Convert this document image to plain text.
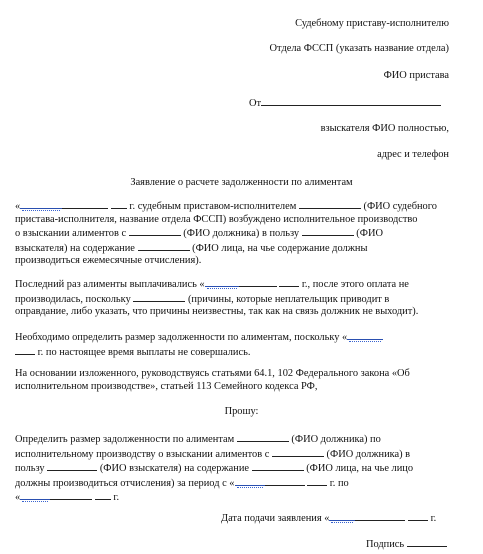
Судебному приставу-исполнителю
Отдела ФССП (указать название отдела)
ФИО пристава
От
взыскателя ФИО полностью,
адрес и телефон
Заявление о расчете задолженности по алиментам
«	г. судебным приставом-исполнителем	(ФИО судебного
пристава-исполнителя, название отдела ФССП) возбуждено исполнительное производство
о взыскании алиментов с	(ФИО должника) в пользу	(ФИО
взыскателя) на содержание	(ФИО лица, на чье содержание должны
производиться ежемесячные отчисления).
Последний раз алименты выплачивались «	г., после этого оплата не
производилась, поскольку	(причины, которые неплательщик приводит в
оправдание, либо указать, что причины неизвестны, так как на связь должник не выходит).
Необходимо определить размер задолженности по алиментам, поскольку «
г. по настоящее время выплаты не совершались.
На основании изложенного, руководствуясь статьями 64.1, 102 Федерального закона «Об
исполнительном производстве», статьей 113 Семейного кодекса РФ,
Прошу:
Определить размер задолженности по алиментам	(ФИО должника) по
исполнительному производству о взыскании алиментов с	(ФИО должника) в
пользу	(ФИО взыскателя) на содержание	(ФИО лица, на чье лицо
должны производиться отчисления) за период с «	г. по
«	г.
Дата подачи заявления «	г.
Подпись
